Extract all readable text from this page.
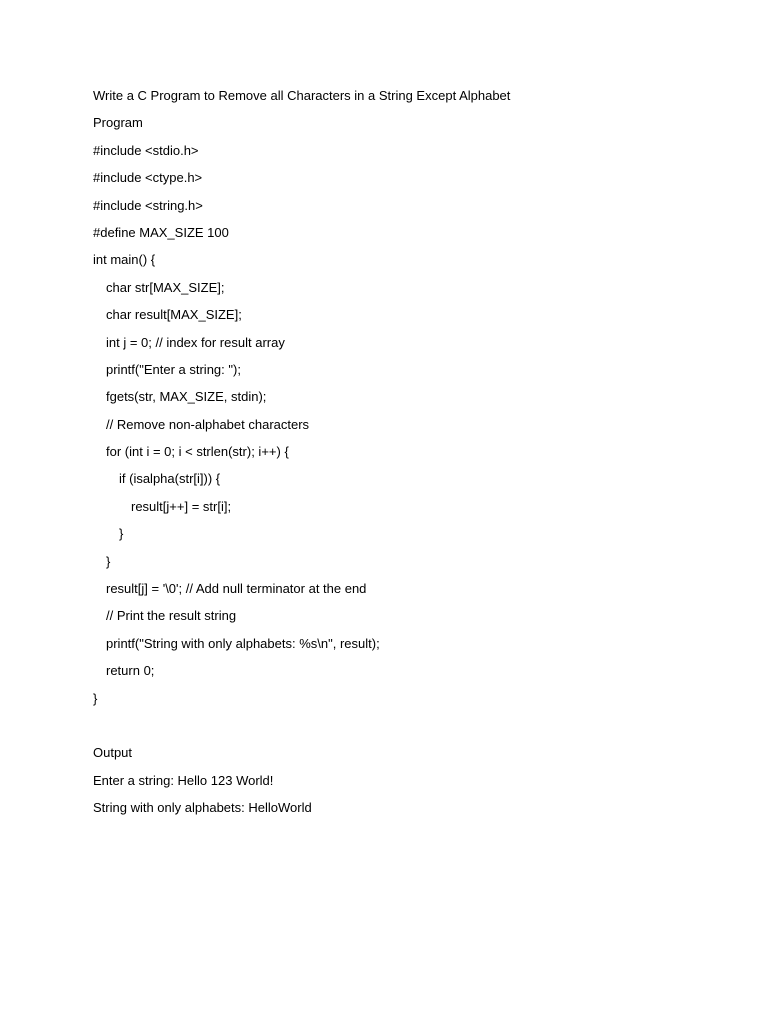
Write a C Program to Remove all Characters in a String Except Alphabet

Program

#include <stdio.h>

#include <ctype.h>

#include <string.h>

#define MAX_SIZE 100

int main() {

char str[MAX_SIZE];

char result[MAX_SIZE];

int j = 0; // index for result array

printf("Enter a string: ");

fgets(str, MAX_SIZE, stdin);

// Remove non-alphabet characters

for (int i = 0; i < strlen(str); i++) {

if (isalpha(str[i])) {

result[j++] = str[i];

}

}

result[j] = '\0'; // Add null terminator at the end

// Print the result string

printf("String with only alphabets: %s\n", result);

return 0;

}

Output

Enter a string: Hello 123 World!

String with only alphabets: HelloWorld
